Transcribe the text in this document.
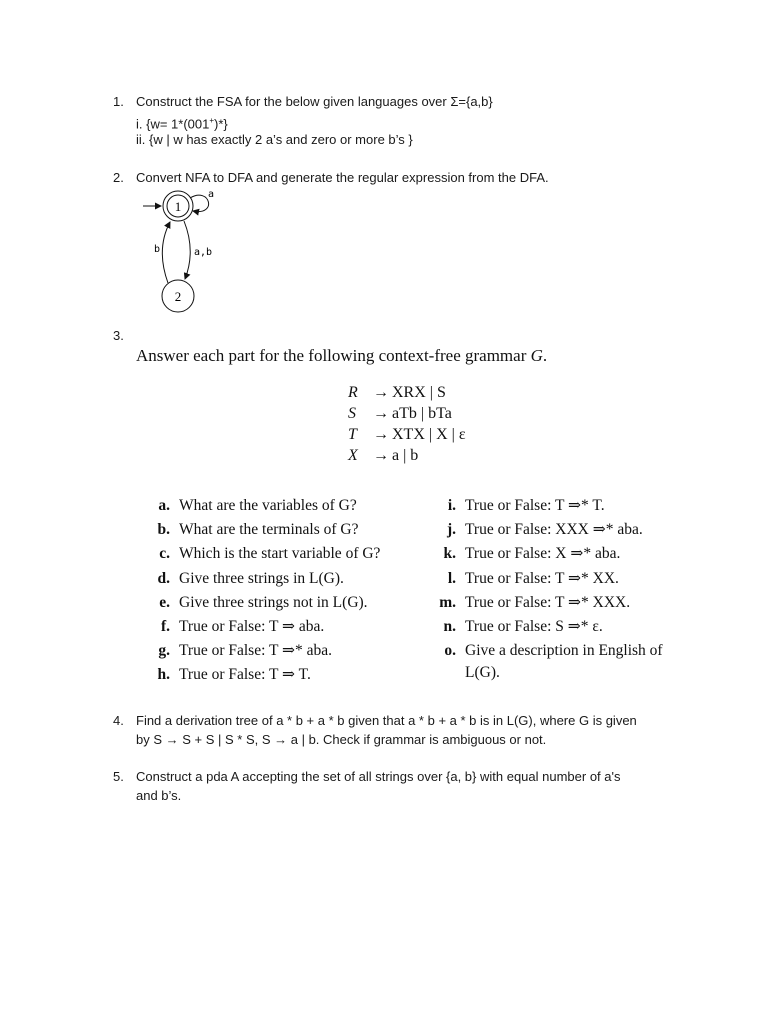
1. Construct the FSA for the below given languages over Σ={a,b}
i. {w= 1*(001+)*}
ii. {w | w has exactly 2 a’s and zero or more b’s }
2. Convert NFA to DFA and generate the regular expression from the DFA.
1
a
2
b	a,b
3.
Answer each part for the following context-free grammar G.
R → XRX | S
S → aTb | bTa
T → XTX | X | ε
X → a | b
a. What are the variables of G?
b. What are the terminals of G?
c. Which is the start variable of G?
d. Give three strings in L(G).
e. Give three strings not in L(G).
f. True or False: T ⇒ aba.
g. True or False: T ⇒* aba.
h. True or False: T ⇒ T.
i. True or False: T ⇒* T.
j. True or False: XXX ⇒* aba.
k. True or False: X ⇒* aba.
l. True or False: T ⇒* XX.
m. True or False: T ⇒* XXX.
n. True or False: S ⇒* ε.
o. Give a description in English of
L(G).
4. Find a derivation tree of a * b + a * b given that a * b + a * b is in L(G), where G is given
by S → S + S | S * S, S → a | b. Check if grammar is ambiguous or not.
5. Construct a pda A accepting the set of all strings over {a, b} with equal number of a's
and b’s.
